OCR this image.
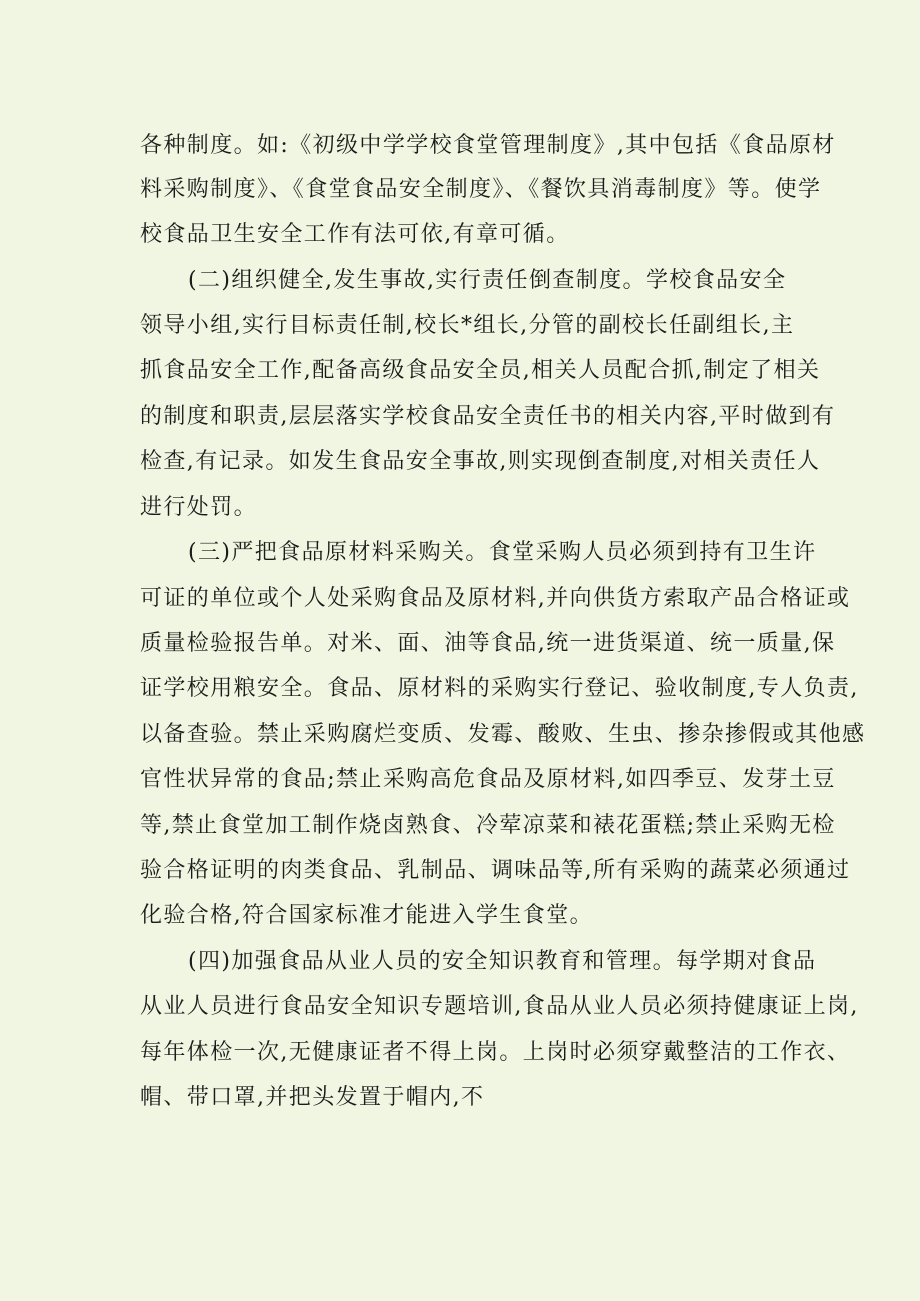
各种制度。如:《初级中学学校食堂管理制度》,其中包括《食品原材
料采购制度》、《食堂食品安全制度》、《餐饮具消毒制度》等。使学
校食品卫生安全工作有法可依,有章可循。
(二)组织健全,发生事故,实行责任倒查制度。学校食品安全
领导小组,实行目标责任制,校长*组长,分管的副校长任副组长,主
抓食品安全工作,配备高级食品安全员,相关人员配合抓,制定了相关
的制度和职责,层层落实学校食品安全责任书的相关内容,平时做到有
检查,有记录。如发生食品安全事故,则实现倒查制度,对相关责任人
进行处罚。
(三)严把食品原材料采购关。食堂采购人员必须到持有卫生许
可证的单位或个人处采购食品及原材料,并向供货方索取产品合格证或
质量检验报告单。对米、面、油等食品,统一进货渠道、统一质量,保
证学校用粮安全。食品、原材料的采购实行登记、验收制度,专人负责,
以备查验。禁止采购腐烂变质、发霉、酸败、生虫、掺杂掺假或其他感
官性状异常的食品;禁止采购高危食品及原材料,如四季豆、发芽土豆
等,禁止食堂加工制作烧卤熟食、冷荤凉菜和裱花蛋糕;禁止采购无检
验合格证明的肉类食品、乳制品、调味品等,所有采购的蔬菜必须通过
化验合格,符合国家标准才能进入学生食堂。
(四)加强食品从业人员的安全知识教育和管理。每学期对食品
从业人员进行食品安全知识专题培训,食品从业人员必须持健康证上岗,
每年体检一次,无健康证者不得上岗。上岗时必须穿戴整洁的工作衣、
帽、带口罩,并把头发置于帽内,不
